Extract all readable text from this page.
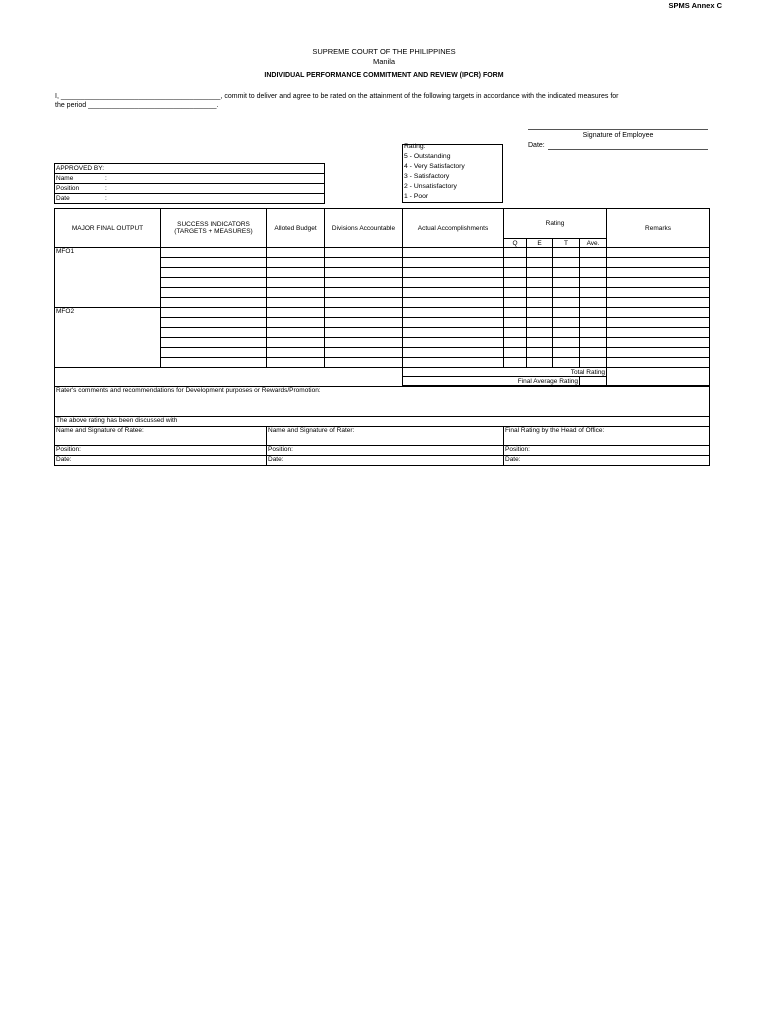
SPMS Annex C
SUPREME COURT OF THE PHILIPPINES
Manila
INDIVIDUAL PERFORMANCE COMMITMENT AND REVIEW (IPCR) FORM
I, _________________________________________, commit to deliver and agree to be rated on the attainment of the following targets in accordance with the indicated measures for
the period _________________________________.
Signature of Employee
Date:
Rating:
5 - Outstanding
4 - Very Satisfactory
3 - Satisfactory
2 - Unsatisfactory
1 - Poor
APPROVED BY:
Name	:
Position	:
Date	:
MAJOR FINAL OUTPUT	SUCCESS INDICATORS
(TARGETS + MEASURES)	Alloted Budget	Divisions Accountable	Actual Accomplishments	Rating				Remarks
					Q	E	T	Ave.	
MFO1									

MFO2									

				Total Rating					
				Final Average Rating					
Rater's comments and recommendations for Development purposes or Rewards/Promotion:		
The above rating has been discussed with		
Name and Signature of Ratee:	Name and Signature of Rater:	Final Rating by the Head of Office:
Position:	Position:	Position:
Date:	Date:	Date:
